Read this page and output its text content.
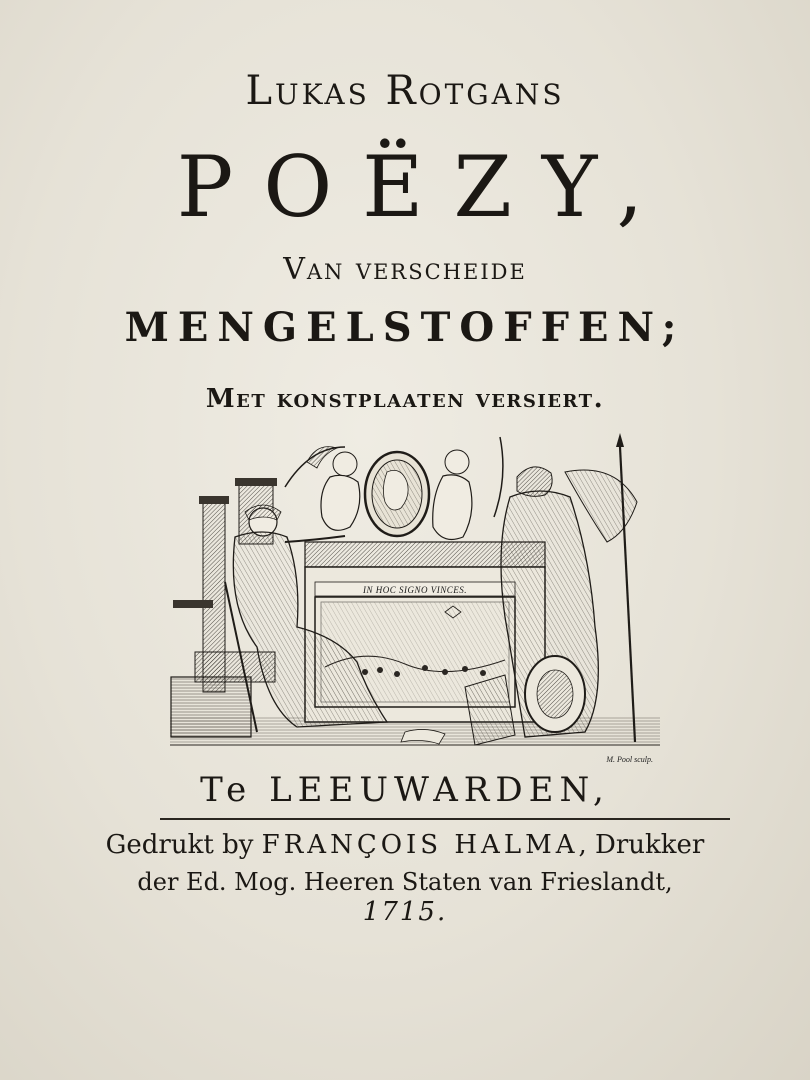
Lukas Rotgans
POËZY,
Van verscheide
MENGELSTOFFEN;
Met konstplaaten versiert.
IN HOC SIGNO VINCES.
M. Pool sculp.
Te LEEUWARDEN,
Gedrukt by FRANÇOIS HALMA, Drukker
der Ed. Mog. Heeren Staten van Frieslandt,
1715.
